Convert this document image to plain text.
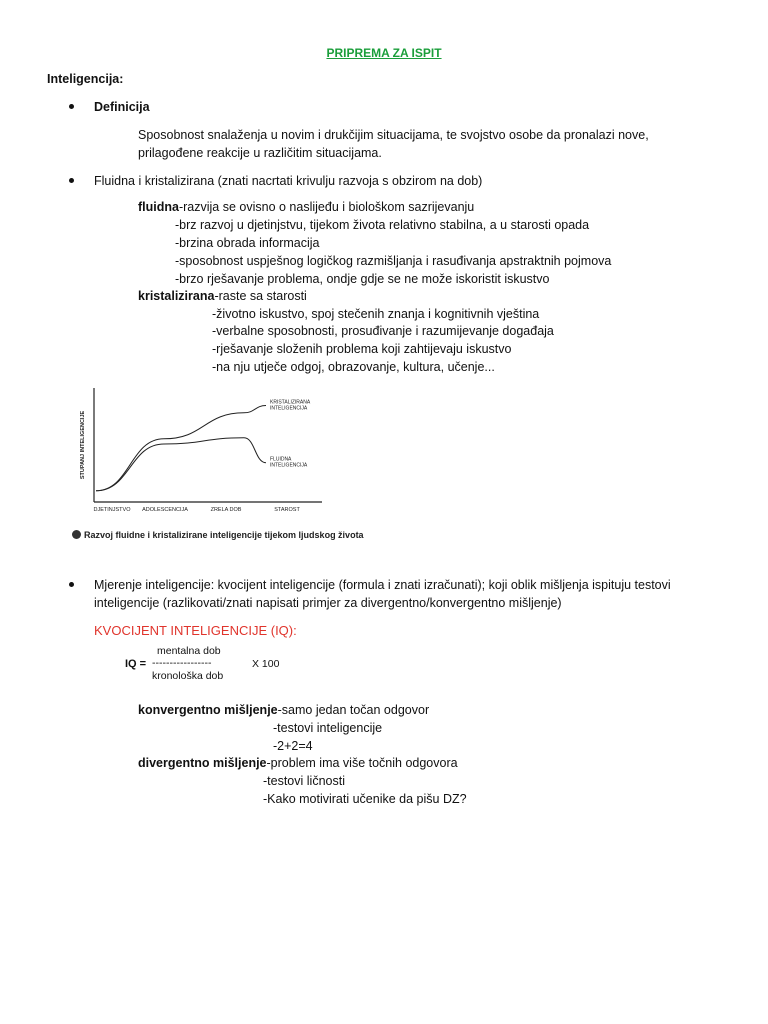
PRIPREMA ZA ISPIT
Inteligencija:
Definicija
Sposobnost snalaženja u novim i drukčijim situacijama, te svojstvo osobe da pronalazi nove,
prilagođene reakcije u različitim situacijama.
Fluidna i kristalizirana (znati nacrtati krivulju razvoja s obzirom na dob)
fluidna-razvija se ovisno o naslijeđu i biološkom sazrijevanju
-brz razvoj u djetinjstvu, tijekom života relativno stabilna, a u starosti opada
-brzina obrada informacija
-sposobnost uspješnog logičkog razmišljanja i rasuđivanja apstraktnih pojmova
-brzo rješavanje problema, ondje gdje se ne može iskoristit iskustvo
kristalizirana-raste sa starosti
-životno iskustvo, spoj stečenih znanja i kognitivnih vještina
-verbalne sposobnosti, prosuđivanje i razumijevanje događaja
-rješavanje složenih problema koji zahtijevaju iskustvo
-na nju utječe odgoj, obrazovanje, kultura, učenje...
STUPANJ INTELIGENCIJE
DJETINJSTVO ADOLESCENCIJA	ZRELA DOB	STAROST
KRISTALIZIRANA
INTELIGENCIJA
FLUIDNA
INTELIGENCIJA
Razvoj fluidne i kristalizirane inteligencije tijekom ljudskog života
Mjerenje inteligencije: kvocijent inteligencije (formula i znati izračunati); koji oblik mišljenja ispituju testovi
inteligencije (razlikovati/znati napisati primjer za divergentno/konvergentno mišljenje)
KVOCIJENT INTELIGENCIJE (IQ):
IQ =
mentalna dob
-----------------
kronološka dob
X 100
konvergentno mišljenje-samo jedan točan odgovor
-testovi inteligencije
-2+2=4
divergentno mišljenje-problem ima više točnih odgovora
-testovi ličnosti
-Kako motivirati učenike da pišu DZ?
